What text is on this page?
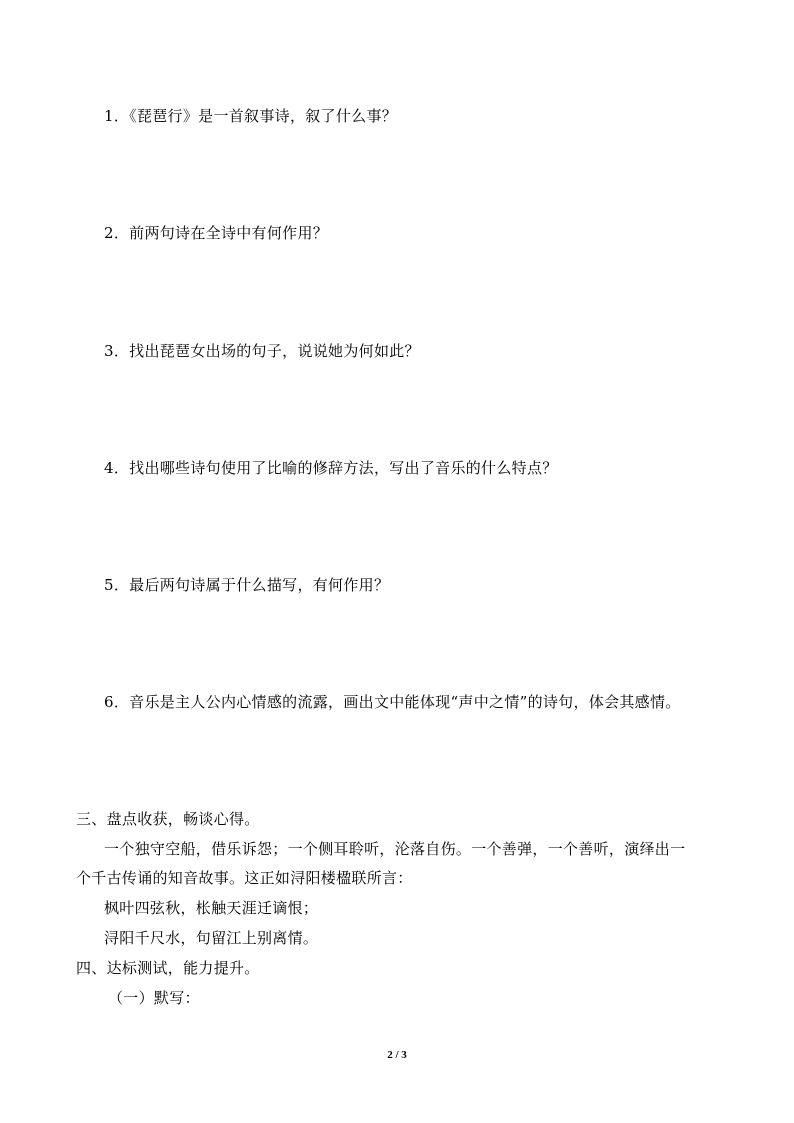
1．《琵琶行》是一首叙事诗，叙了什么事？
2．前两句诗在全诗中有何作用？
3．找出琵琶女出场的句子，说说她为何如此？
4．找出哪些诗句使用了比喻的修辞方法，写出了音乐的什么特点？
5．最后两句诗属于什么描写，有何作用？
6．音乐是主人公内心情感的流露，画出文中能体现“声中之情”的诗句，体会其感情。
三、盘点收获，畅谈心得。
一个独守空船，借乐诉怨；一个侧耳聆听，沦落自伤。一个善弹，一个善听，演绎出一
个千古传诵的知音故事。这正如浔阳楼楹联所言：
枫叶四弦秋，枨触天涯迁谪恨；
浔阳千尺水，句留江上别离情。
四、达标测试，能力提升。
（一）默写：
2 / 3
